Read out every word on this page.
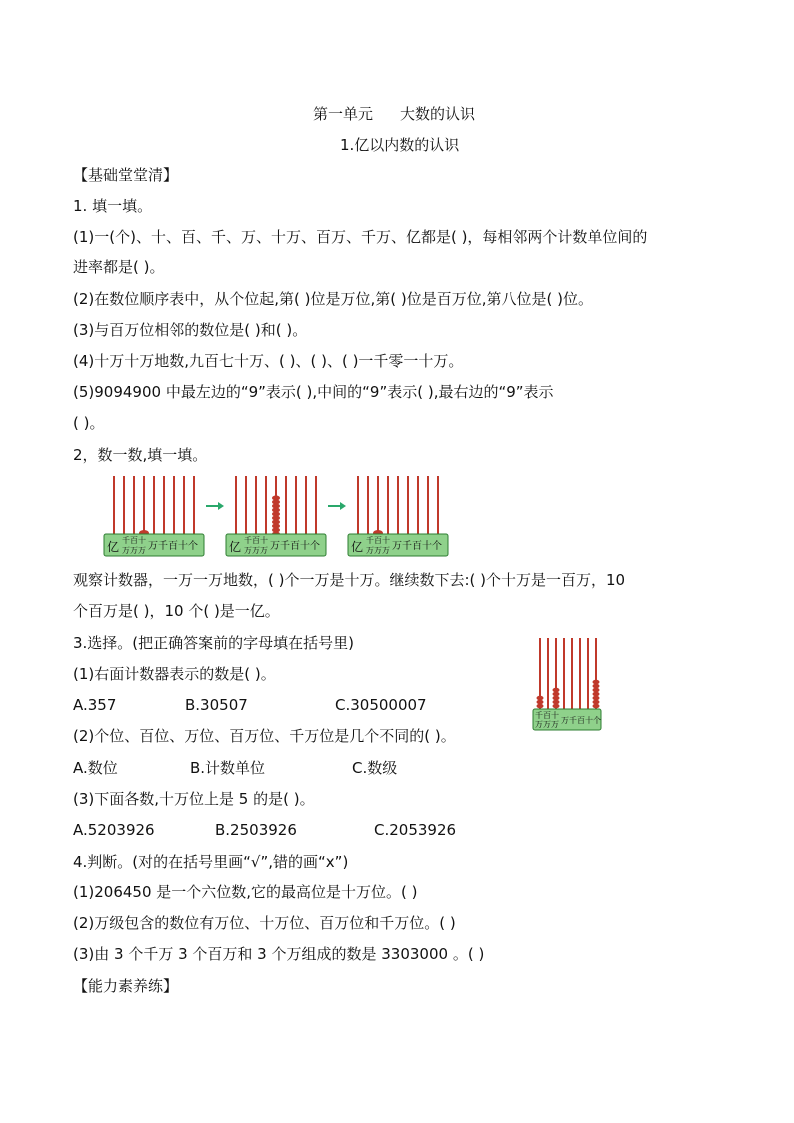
第一单元 大数的认识
1.亿以内数的认识
【基础堂堂清】
1. 填一填。
(1)一(个)、十、百、千、万、十万、百万、千万、亿都是( )，每相邻两个计数单位间的
进率都是( )。
(2)在数位顺序表中，从个位起,第( )位是万位,第( )位是百万位,第八位是( )位。
(3)与百万位相邻的数位是( )和( )。
(4)十万十万地数,九百七十万、( )、( )、( )一千零一十万。
(5)9094900 中最左边的“9”表示( ),中间的“9”表示( ),最右边的“9”表示
( )。
2，数一数,填一填。
亿 千百十
万万万 万千百十个	亿 千百十
万万万 万千百十个	亿 千百十
万万万 万千百十个
观察计数器，一万一万地数，( )个一万是十万。继续数下去:( )个十万是一百万，10
个百万是( )，10 个( )是一亿。
3.选择。(把正确答案前的字母填在括号里)
(1)右面计数器表示的数是( )。
A.357	B.30507	C.30500007
千百十
万万万 万千百十个
(2)个位、百位、万位、百万位、千万位是几个不同的( )。
A.数位	B.计数单位	C.数级
(3)下面各数,十万位上是 5 的是( )。
A.5203926	B.2503926	C.2053926
4.判断。(对的在括号里画“√”,错的画“x”)
(1)206450 是一个六位数,它的最高位是十万位。( )
(2)万级包含的数位有万位、十万位、百万位和千万位。( )
(3)由 3 个千万 3 个百万和 3 个万组成的数是 3303000 。( )
【能力素养练】
